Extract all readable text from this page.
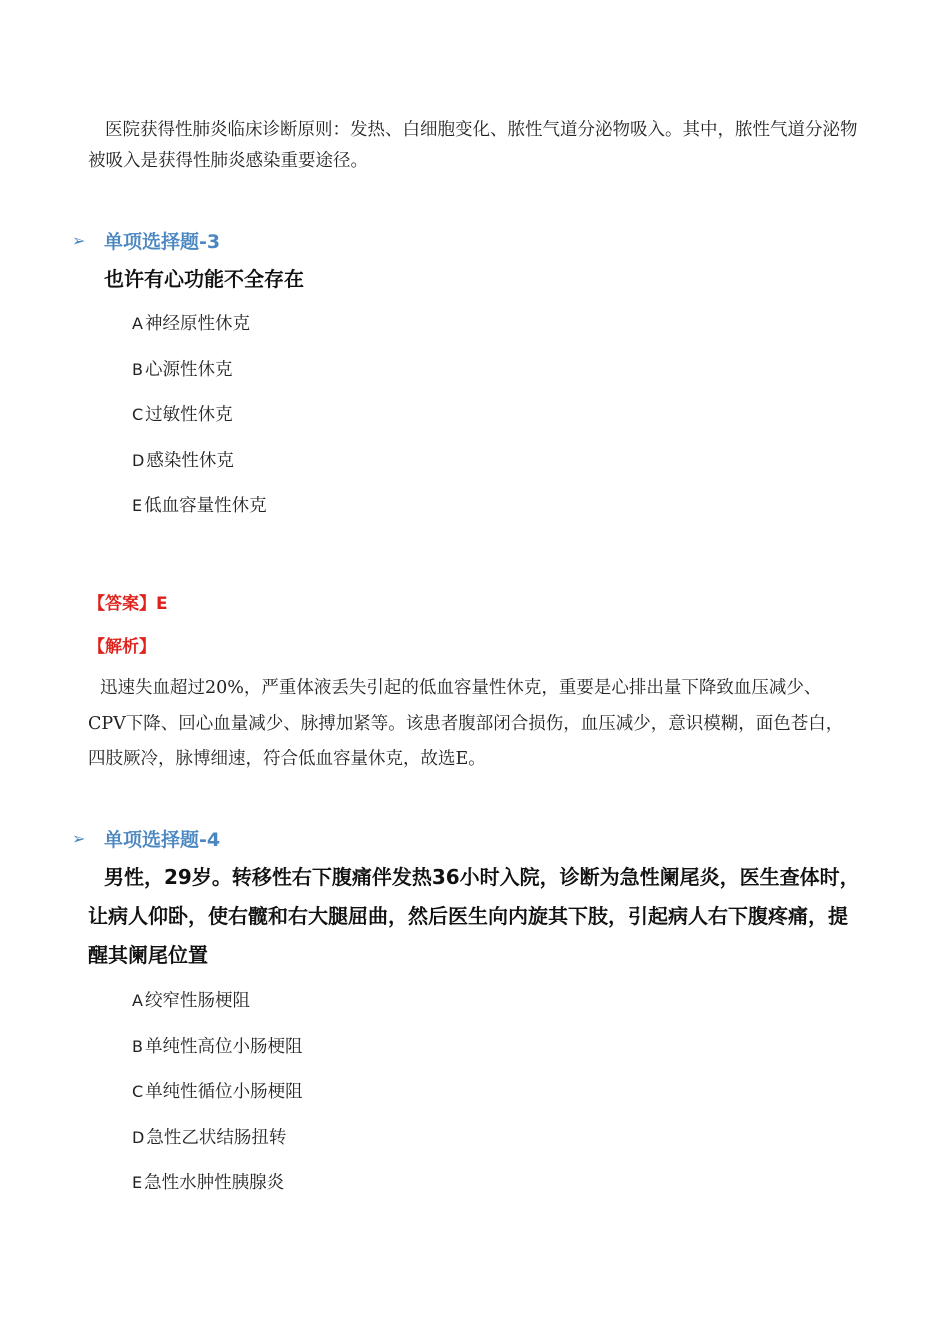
医院获得性肺炎临床诊断原则：发热、白细胞变化、脓性气道分泌物吸入。其中，脓性气道分泌物被吸入是获得性肺炎感染重要途径。

➢ 单项选择题-3

也许有心功能不全存在

A 神经原性休克
B 心源性休克
C 过敏性休克
D 感染性休克
E 低血容量性休克
【答案】E
【解析】

迅速失血超过20%，严重体液丢失引起的低血容量性休克，重要是心排出量下降致血压减少、CPV下降、回心血量减少、脉搏加紧等。该患者腹部闭合损伤，血压减少，意识模糊，面色苍白，四肢厥冷，脉博细速，符合低血容量休克，故选E。

➢ 单项选择题-4

男性，29岁。转移性右下腹痛伴发热36小时入院，诊断为急性阑尾炎，医生查体时，让病人仰卧，使右髋和右大腿屈曲，然后医生向内旋其下肢，引起病人右下腹疼痛，提醒其阑尾位置

A 绞窄性肠梗阻
B 单纯性高位小肠梗阻
C 单纯性循位小肠梗阻
D 急性乙状结肠扭转
E 急性水肿性胰腺炎
